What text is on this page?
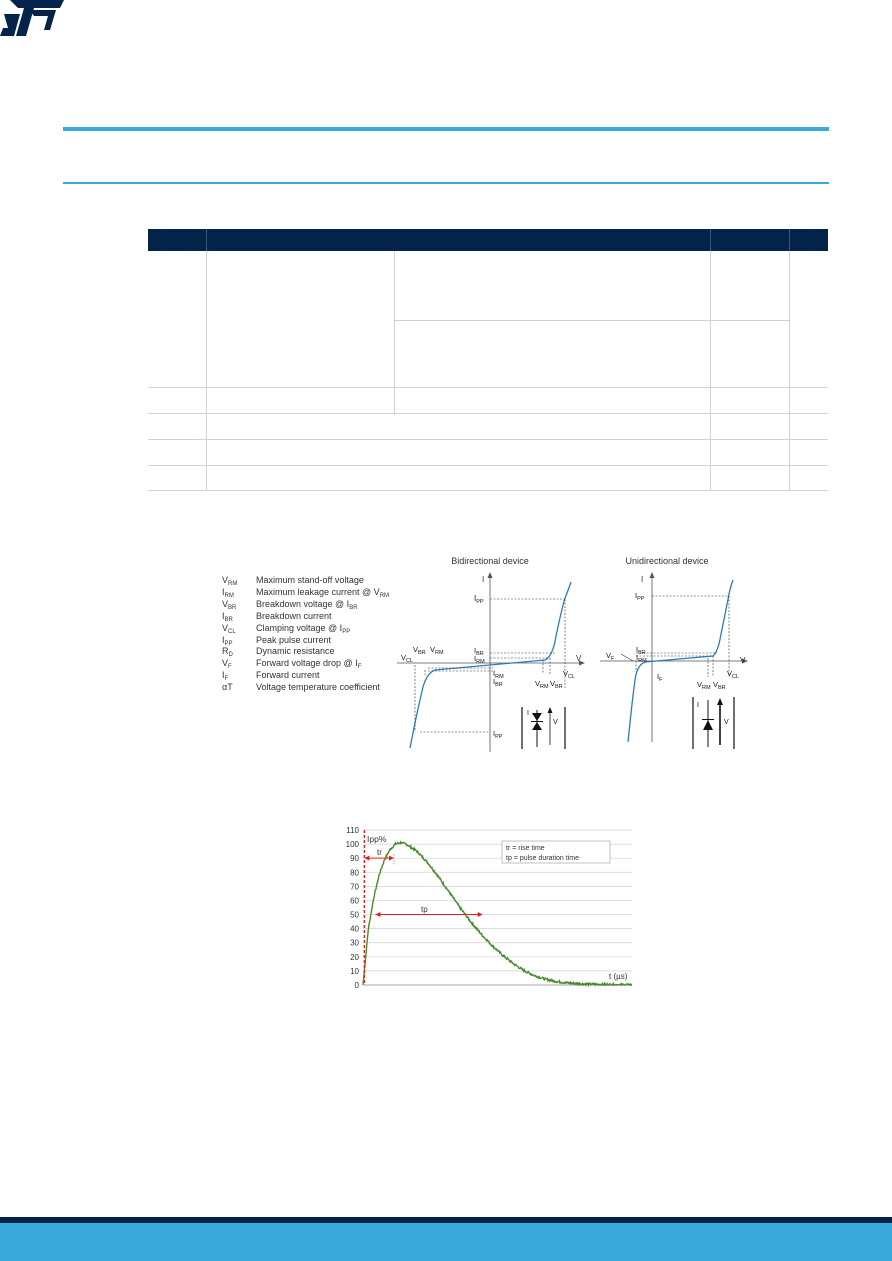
$V_{RM}$	Maximum stand-off voltage
$I_{RM}$	Maximum leakage current @ $V_{RM}$
$V_{BR}$	Breakdown voltage @ $I_{BR}$
$I_{BR}$	Breakdown current
$V_{CL}$	Clamping voltage @ $I_{PP}$
$I_{PP}$	Peak pulse current
$R_D$	Dynamic resistance
$V_F$	Forward voltage drop @ $I_F$
$I_F$	Forward current
αT	Voltage temperature coefficient
Bidirectional device
I
V
$I_{PP}$
$I_{BR}$
$I_{RM}$
$V_{CL}$
$V_{BR}$ $V_{RM}$
$I_{RM}$
$I_{BR}$	$V_{RM}$ $V_{BR}$
$V_{CL}$
$I_{PP}$
I
V
Unidirectional device
I
V
$I_{PP}$
$I_{BR}$
$I_{RM}$
$V_F$
$I_F$	$V_{RM}$ $V_{BR}$
$V_{CL}$
I
V
110
100
90
80
70
60
50
40
30
20
10
0
Ipp%
tr = rise time
tp = pulse duration time
t (µs)
tr
tp
